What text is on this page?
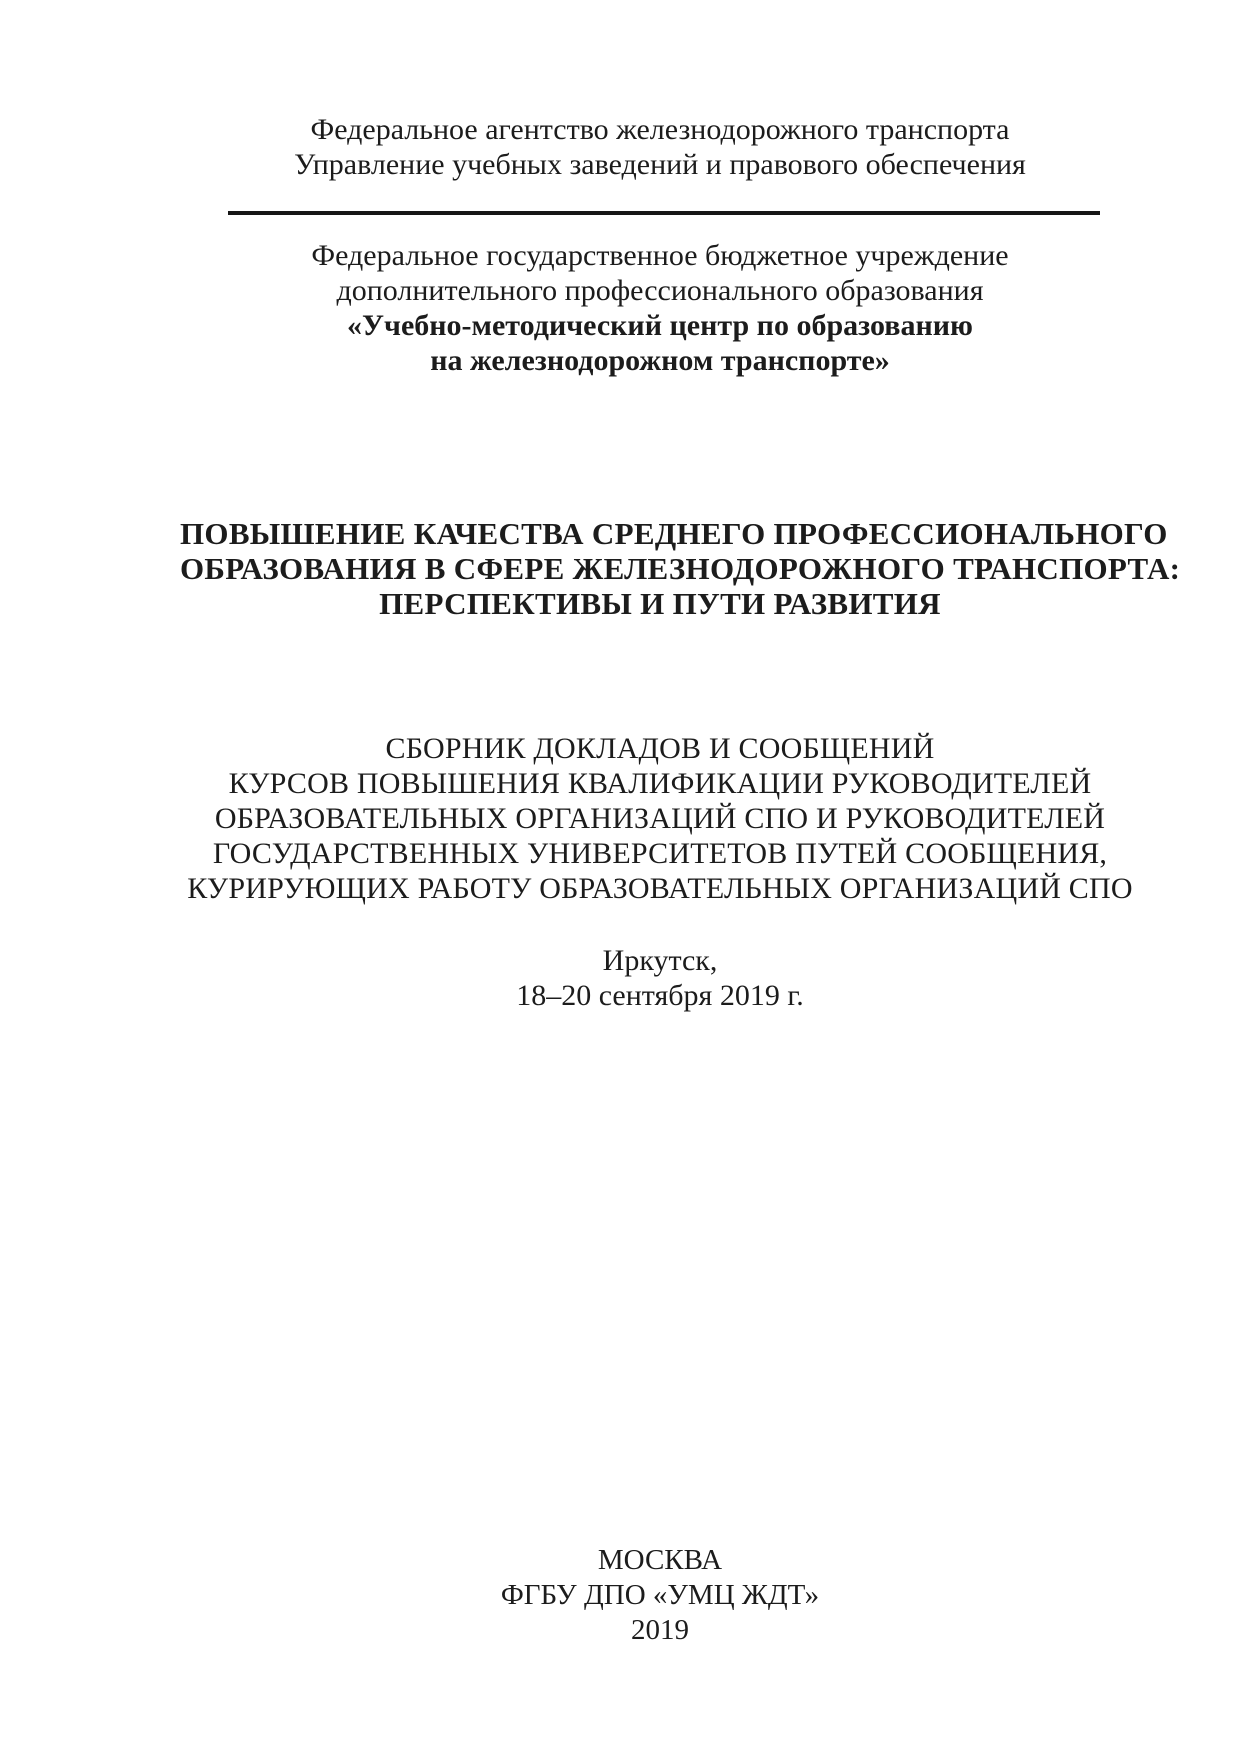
Федеральное агентство железнодорожного транспорта
Управление учебных заведений и правового обеспечения
Федеральное государственное бюджетное учреждение
дополнительного профессионального образования
«Учебно-методический центр по образованию
на железнодорожном транспорте»
ПОВЫШЕНИЕ КАЧЕСТВА СРЕДНЕГО ПРОФЕССИОНАЛЬНОГО
ОБРАЗОВАНИЯ В СФЕРЕ ЖЕЛЕЗНОДОРОЖНОГО ТРАНСПОРТА:
ПЕРСПЕКТИВЫ И ПУТИ РАЗВИТИЯ
СБОРНИК ДОКЛАДОВ И СООБЩЕНИЙ
КУРСОВ ПОВЫШЕНИЯ КВАЛИФИКАЦИИ РУКОВОДИТЕЛЕЙ
ОБРАЗОВАТЕЛЬНЫХ ОРГАНИЗАЦИЙ СПО И РУКОВОДИТЕЛЕЙ
ГОСУДАРСТВЕННЫХ УНИВЕРСИТЕТОВ ПУТЕЙ СООБЩЕНИЯ,
КУРИРУЮЩИХ РАБОТУ ОБРАЗОВАТЕЛЬНЫХ ОРГАНИЗАЦИЙ СПО
Иркутск,
18–20 сентября 2019 г.
МОСКВА
ФГБУ ДПО «УМЦ ЖДТ»
2019
